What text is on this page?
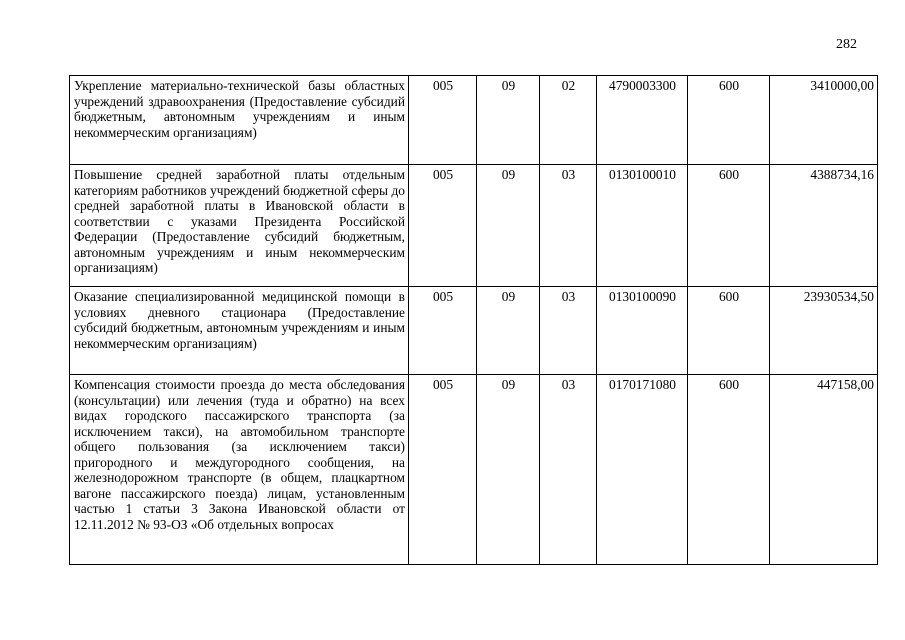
282
Укрепление материально-технической базы областных учреждений здравоохранения (Предоставление субсидий бюджетным, автономным учреждениям и иным некоммерческим организациям)	005	09	02	4790003300	600	3410000,00
Повышение средней заработной платы отдельным категориям работников учреждений бюджетной сферы до средней заработной платы в Ивановской области в соответствии с указами Президента Российской Федерации (Предоставление субсидий бюджетным, автономным учреждениям и иным некоммерческим организациям)	005	09	03	0130100010	600	4388734,16
Оказание специализированной медицинской помощи в условиях дневного стационара (Предоставление субсидий бюджетным, автономным учреждениям и иным некоммерческим организациям)	005	09	03	0130100090	600	23930534,50
Компенсация стоимости проезда до места обследования (консультации) или лечения (туда и обратно) на всех видах городского пассажирского транспорта (за исключением такси), на автомобильном транспорте общего пользования (за исключением такси) пригородного и междугородного сообщения, на железнодорожном транспорте (в общем, плацкартном вагоне пассажирского поезда) лицам, установленным частью 1 статьи 3 Закона Ивановской области от 12.11.2012 № 93-ОЗ «Об отдельных вопросах	005	09	03	0170171080	600	447158,00
